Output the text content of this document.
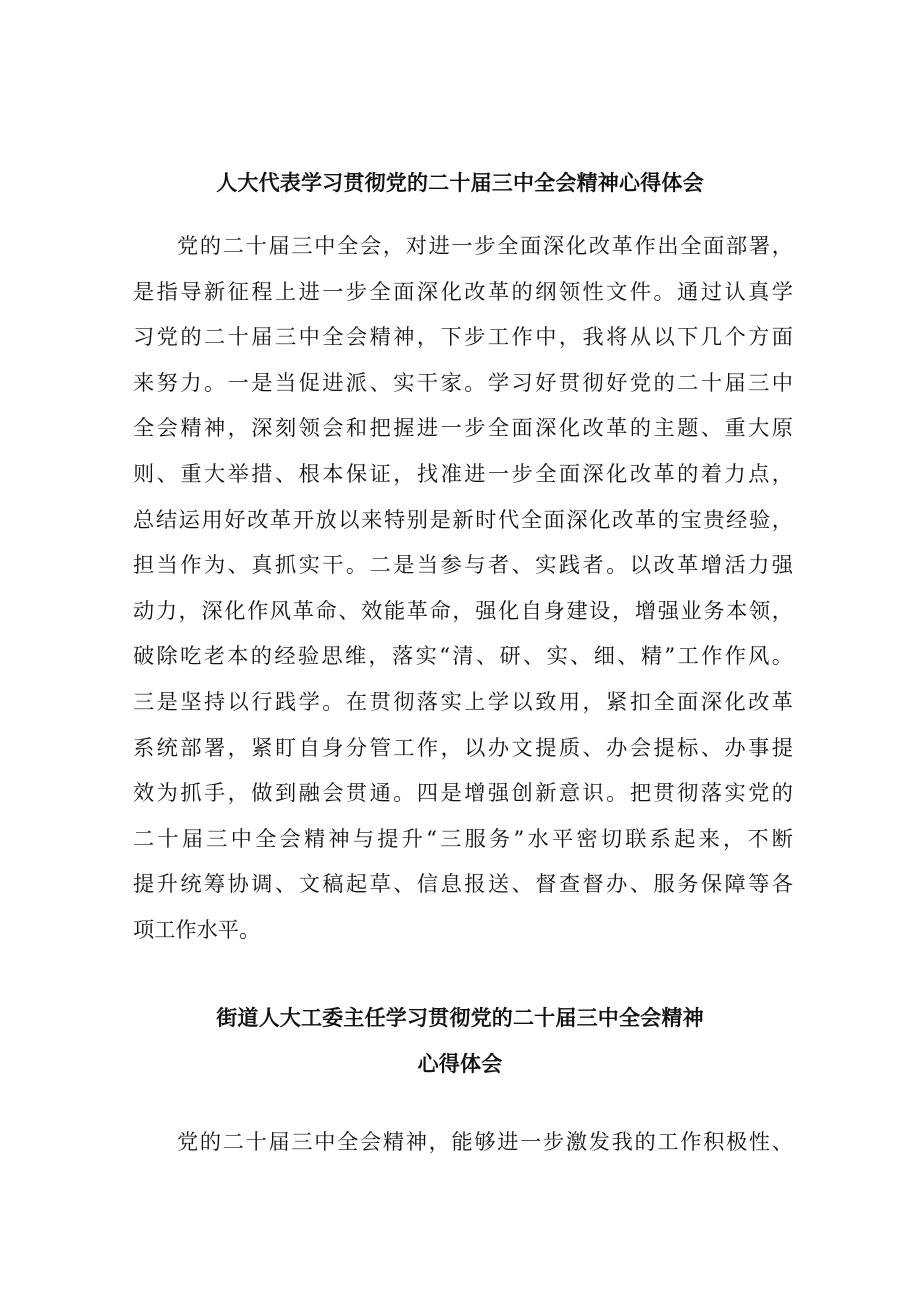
人大代表学习贯彻党的二十届三中全会精神心得体会
党的二十届三中全会，对进一步全面深化改革作出全面部署，
是指导新征程上进一步全面深化改革的纲领性文件。通过认真学
习党的二十届三中全会精神，下步工作中，我将从以下几个方面
来努力。一是当促进派、实干家。学习好贯彻好党的二十届三中
全会精神，深刻领会和把握进一步全面深化改革的主题、重大原
则、重大举措、根本保证，找准进一步全面深化改革的着力点，
总结运用好改革开放以来特别是新时代全面深化改革的宝贵经验，
担当作为、真抓实干。二是当参与者、实践者。以改革增活力强
动力，深化作风革命、效能革命，强化自身建设，增强业务本领，
破除吃老本的经验思维，落实“清、研、实、细、精”工作作风。
三是坚持以行践学。在贯彻落实上学以致用，紧扣全面深化改革
系统部署，紧盯自身分管工作，以办文提质、办会提标、办事提
效为抓手，做到融会贯通。四是增强创新意识。把贯彻落实党的
二十届三中全会精神与提升“三服务”水平密切联系起来，不断
提升统筹协调、文稿起草、信息报送、督查督办、服务保障等各
项工作水平。
街道人大工委主任学习贯彻党的二十届三中全会精神
心得体会
党的二十届三中全会精神，能够进一步激发我的工作积极性、
